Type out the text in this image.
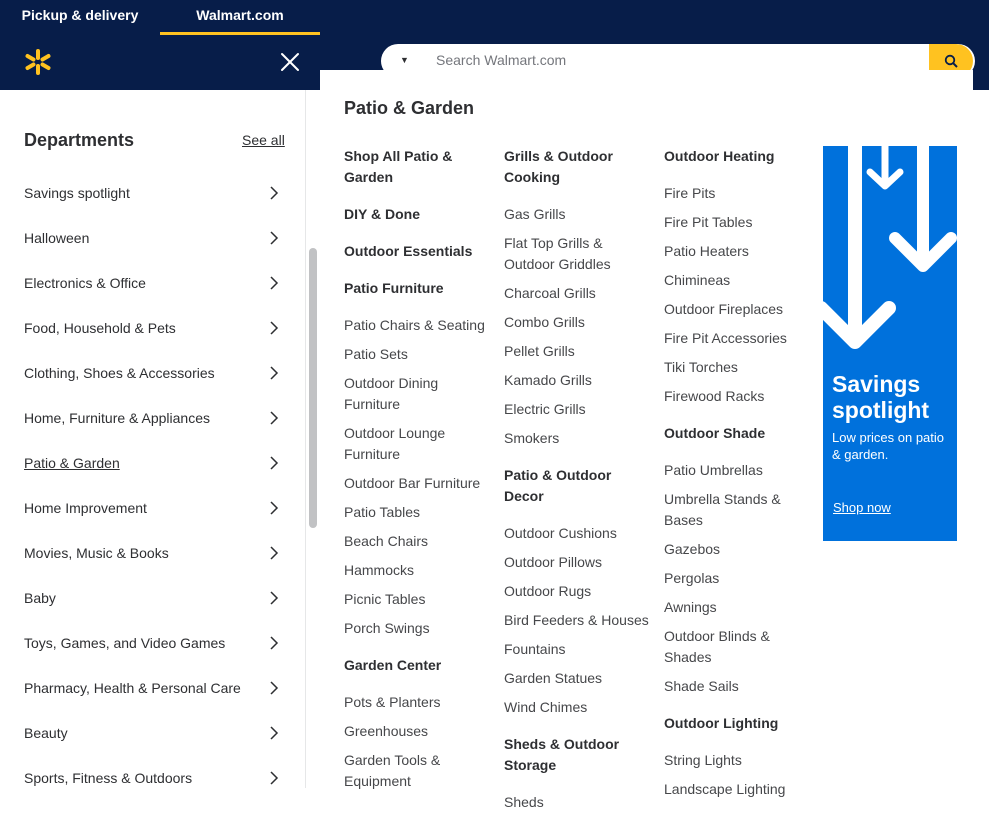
▼ Search Walmart.com
Patio & Garden
Shop All Patio & Garden
DIY & Done
Outdoor Essentials
Patio Furniture
Patio Chairs & Seating
Patio Sets
Outdoor Dining Furniture
Outdoor Lounge Furniture
Outdoor Bar Furniture
Patio Tables
Beach Chairs
Hammocks
Picnic Tables
Porch Swings
Garden Center
Pots & Planters
Greenhouses
Garden Tools & Equipment
Grills & Outdoor Cooking
Gas Grills
Flat Top Grills & Outdoor Griddles
Charcoal Grills
Combo Grills
Pellet Grills
Kamado Grills
Electric Grills
Smokers
Patio & Outdoor Decor
Outdoor Cushions
Outdoor Pillows
Outdoor Rugs
Bird Feeders & Houses
Fountains
Garden Statues
Wind Chimes
Sheds & Outdoor Storage
Sheds
Outdoor Heating
Fire Pits
Fire Pit Tables
Patio Heaters
Chimineas
Outdoor Fireplaces
Fire Pit Accessories
Tiki Torches
Firewood Racks
Outdoor Shade
Patio Umbrellas
Umbrella Stands & Bases
Gazebos
Pergolas
Awnings
Outdoor Blinds & Shades
Shade Sails
Outdoor Lighting
String Lights
Landscape Lighting
Savings spotlight
Low prices on patio & garden.
Shop now
Pickup & delivery	Walmart.com
Departments	See all
Savings spotlight
Halloween
Electronics & Office
Food, Household & Pets
Clothing, Shoes & Accessories
Home, Furniture & Appliances
Patio & Garden
Home Improvement
Movies, Music & Books
Baby
Toys, Games, and Video Games
Pharmacy, Health & Personal Care
Beauty
Sports, Fitness & Outdoors
